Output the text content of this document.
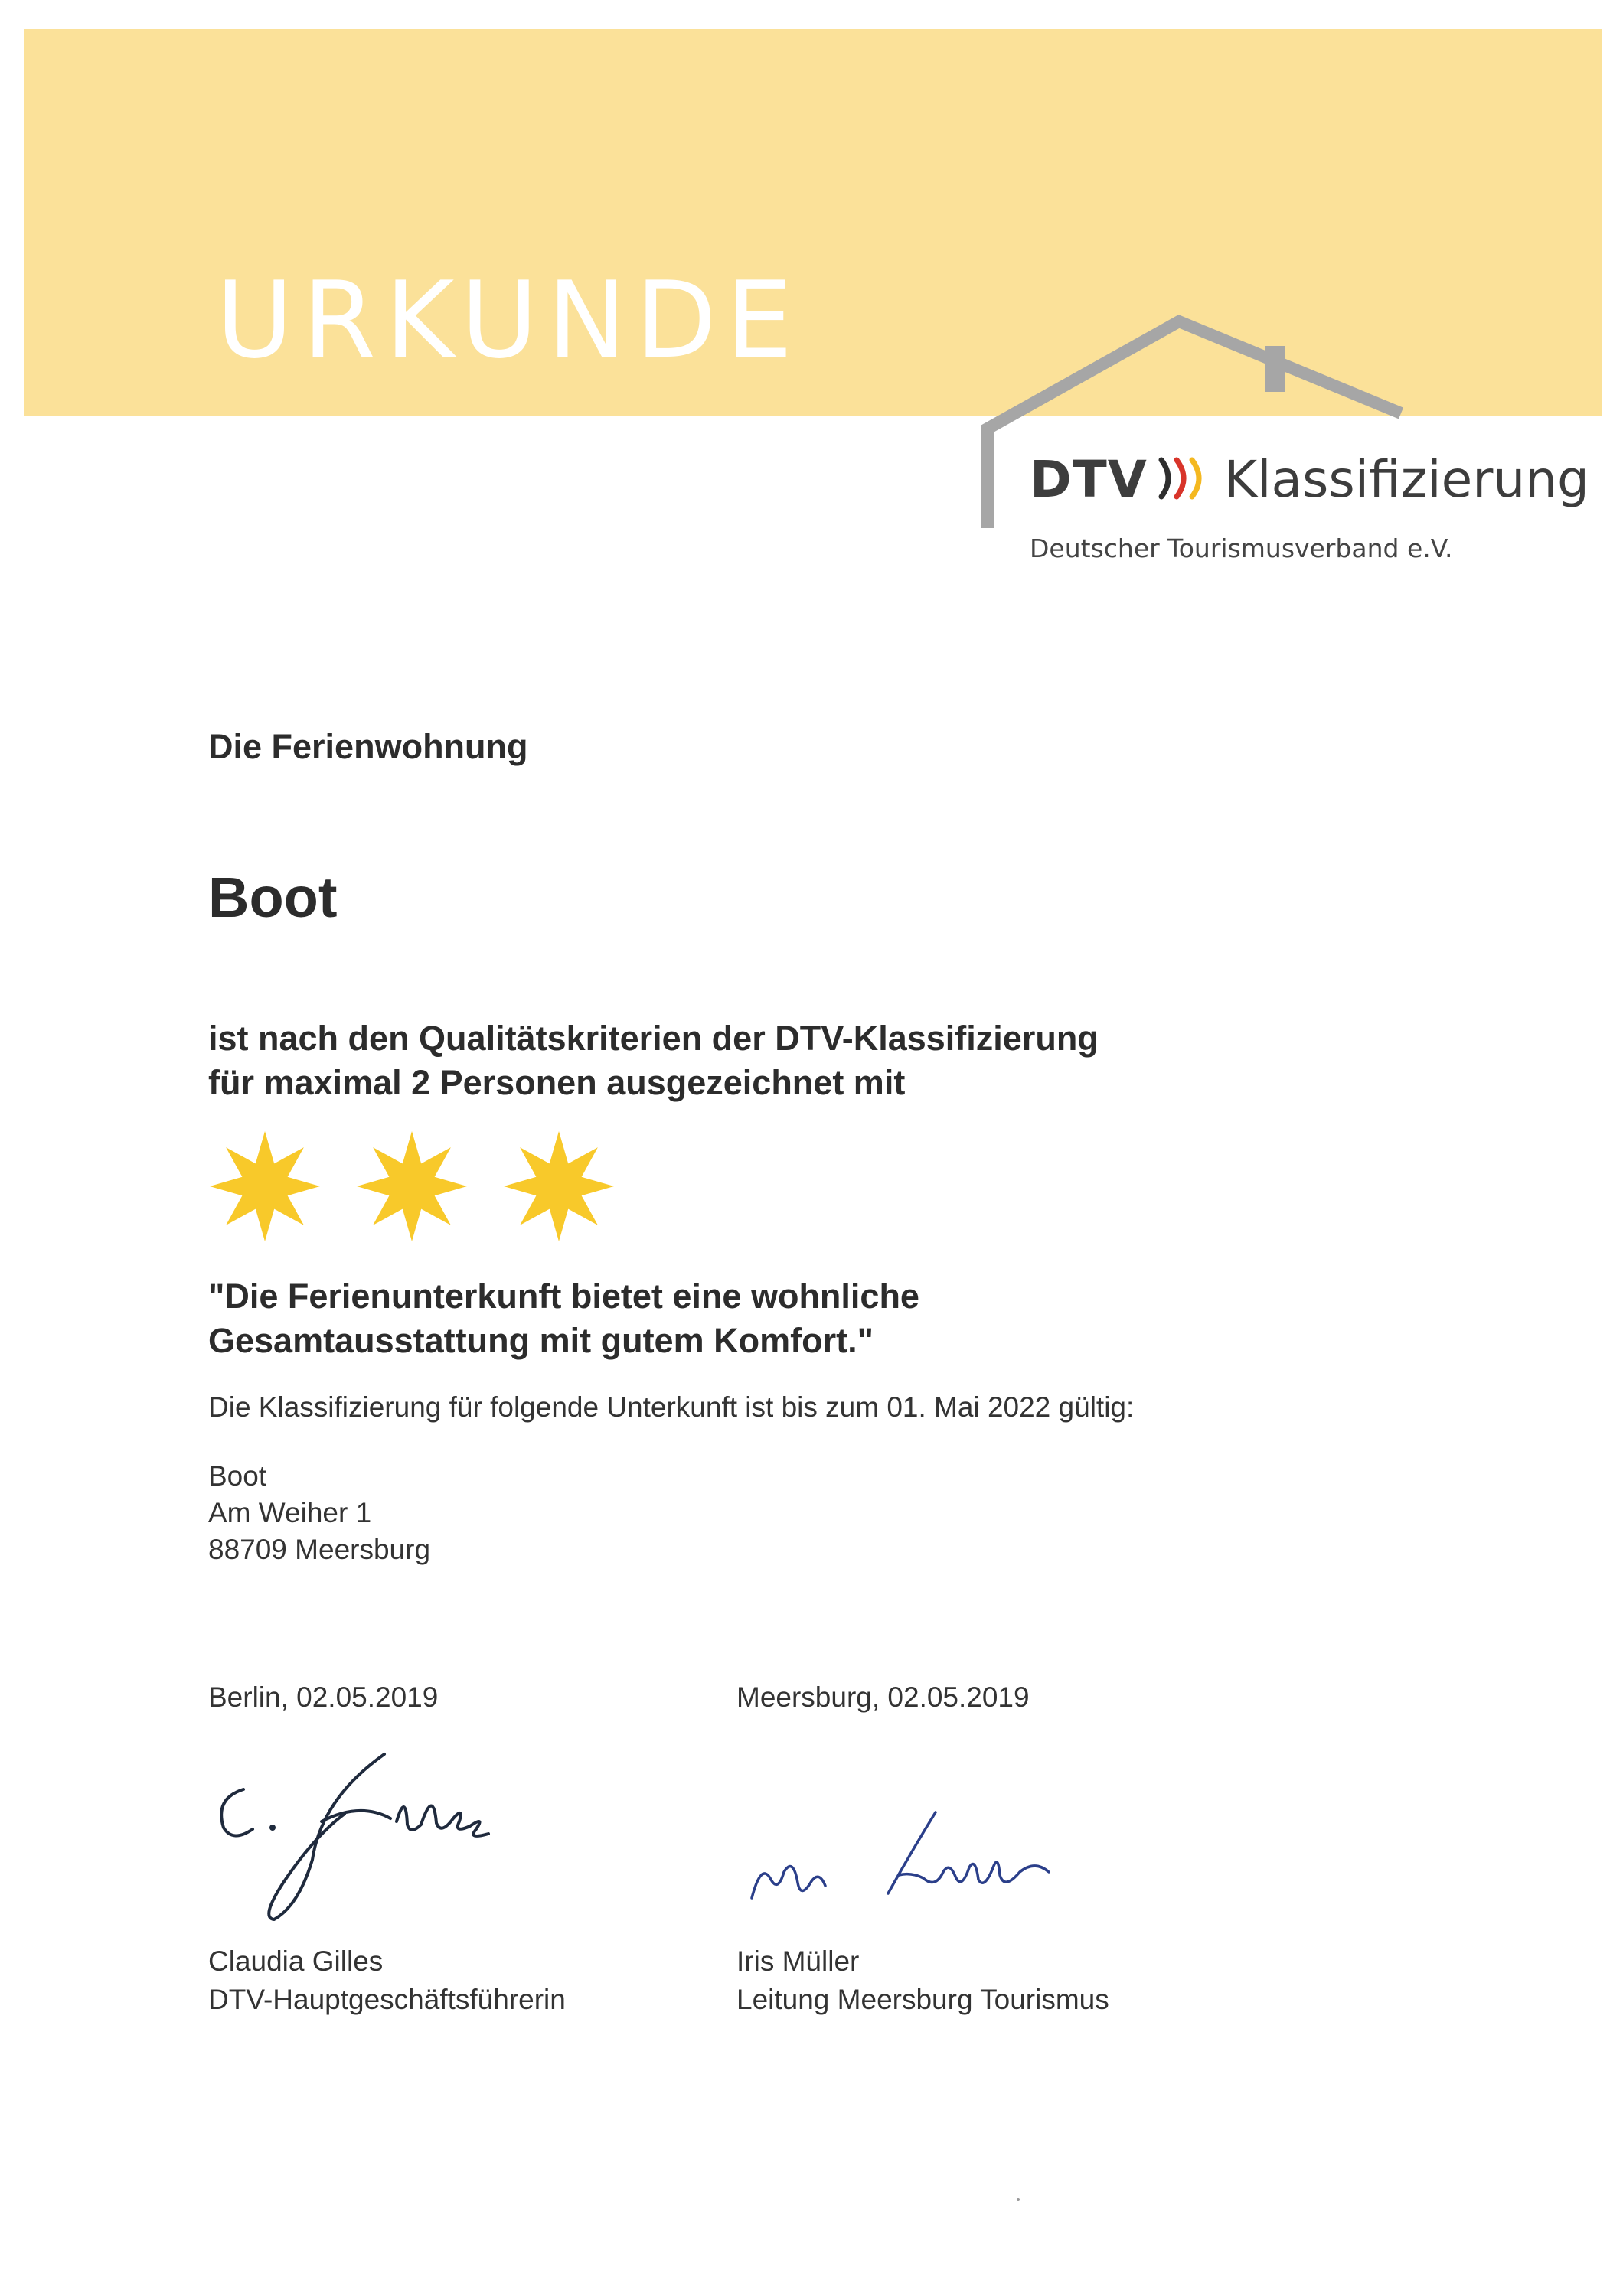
URKUNDE
DTV Klassifizierung
Deutscher Tourismusverband e.V.
Die Ferienwohnung
Boot
ist nach den Qualitätskriterien der DTV-Klassifizierung
für maximal 2 Personen ausgezeichnet mit
"Die Ferienunterkunft bietet eine wohnliche
Gesamtausstattung mit gutem Komfort."
Die Klassifizierung für folgende Unterkunft ist bis zum 01. Mai 2022 gültig:
Boot
Am Weiher 1
88709 Meersburg
Berlin, 02.05.2019	Meersburg, 02.05.2019
Claudia Gilles
DTV-Hauptgeschäftsführerin
Iris Müller
Leitung Meersburg Tourismus
